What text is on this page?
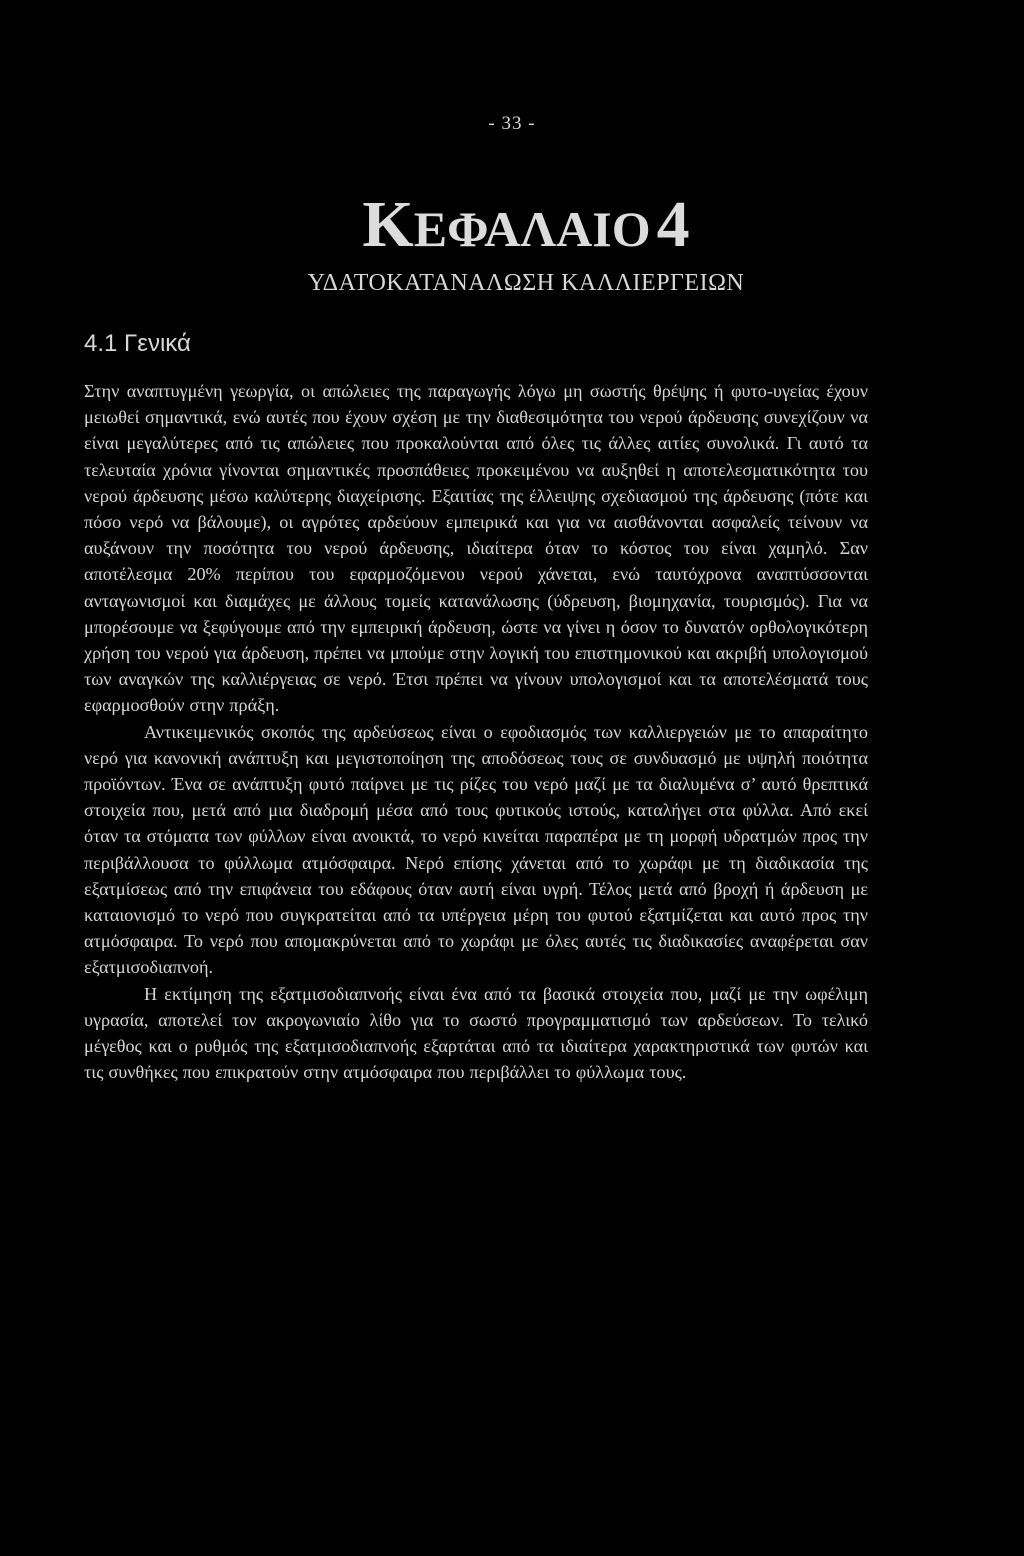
- 33 -
ΚΕΦΑΛΑΙΟ4
ΥΔΑΤΟΚΑΤΑΝΑΛΩΣΗ ΚΑΛΛΙΕΡΓΕΙΩΝ
4.1 Γενικά

Στην αναπτυγμένη γεωργία, οι απώλειες της παραγωγής λόγω μη σωστής θρέψης ή φυτο-υγείας έχουν μειωθεί σημαντικά, ενώ αυτές που έχουν σχέση με την διαθεσιμότητα του νερού άρδευσης συνεχίζουν να είναι μεγαλύτερες από τις απώλειες που προκαλούνται από όλες τις άλλες αιτίες συνολικά. Γι αυτό τα τελευταία χρόνια γίνονται σημαντικές προσπάθειες προκειμένου να αυξηθεί η αποτελεσματικότητα του νερού άρδευσης μέσω καλύτερης διαχείρισης. Εξαιτίας της έλλειψης σχεδιασμού της άρδευσης (πότε και πόσο νερό να βάλουμε), οι αγρότες αρδεύουν εμπειρικά και για να αισθάνονται ασφαλείς τείνουν να αυξάνουν την ποσότητα του νερού άρδευσης, ιδιαίτερα όταν το κόστος του είναι χαμηλό. Σαν αποτέλεσμα 20% περίπου του εφαρμοζόμενου νερού χάνεται, ενώ ταυτόχρονα αναπτύσσονται ανταγωνισμοί και διαμάχες με άλλους τομείς κατανάλωσης (ύδρευση, βιομηχανία, τουρισμός). Για να μπορέσουμε να ξεφύγουμε από την εμπειρική άρδευση, ώστε να γίνει η όσον το δυνατόν ορθολογικότερη χρήση του νερού για άρδευση, πρέπει να μπούμε στην λογική του επιστημονικού και ακριβή υπολογισμού των αναγκών της καλλιέργειας σε νερό. Έτσι πρέπει να γίνουν υπολογισμοί και τα αποτελέσματά τους εφαρμοσθούν στην πράξη.

Αντικειμενικός σκοπός της αρδεύσεως είναι ο εφοδιασμός των καλλιεργειών με το απαραίτητο νερό για κανονική ανάπτυξη και μεγιστοποίηση της αποδόσεως τους σε συνδυασμό με υψηλή ποιότητα προϊόντων. Ένα σε ανάπτυξη φυτό παίρνει με τις ρίζες του νερό μαζί με τα διαλυμένα σ’ αυτό θρεπτικά στοιχεία που, μετά από μια διαδρομή μέσα από τους φυτικούς ιστούς, καταλήγει στα φύλλα. Από εκεί όταν τα στόματα των φύλλων είναι ανοικτά, το νερό κινείται παραπέρα με τη μορφή υδρατμών προς την περιβάλλουσα το φύλλωμα ατμόσφαιρα. Νερό επίσης χάνεται από το χωράφι με τη διαδικασία της εξατμίσεως από την επιφάνεια του εδάφους όταν αυτή είναι υγρή. Τέλος μετά από βροχή ή άρδευση με καταιονισμό το νερό που συγκρατείται από τα υπέργεια μέρη του φυτού εξατμίζεται και αυτό προς την ατμόσφαιρα. Το νερό που απομακρύνεται από το χωράφι με όλες αυτές τις διαδικασίες αναφέρεται σαν εξατμισοδιαπνοή.

Η εκτίμηση της εξατμισοδιαπνοής είναι ένα από τα βασικά στοιχεία που, μαζί με την ωφέλιμη υγρασία, αποτελεί τον ακρογωνιαίο λίθο για το σωστό προγραμματισμό των αρδεύσεων. Το τελικό μέγεθος και ο ρυθμός της εξατμισοδιαπνοής εξαρτάται από τα ιδιαίτερα χαρακτηριστικά των φυτών και τις συνθήκες που επικρατούν στην ατμόσφαιρα που περιβάλλει το φύλλωμα τους.
